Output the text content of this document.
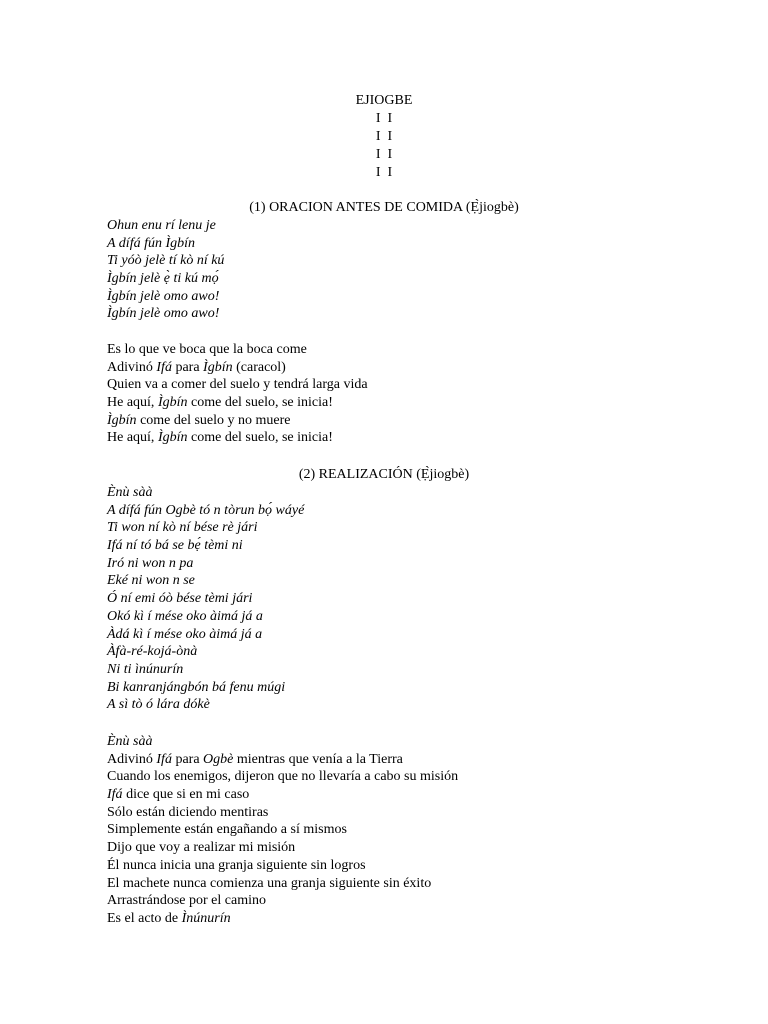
EJIOGBE
I  I
I  I
I  I
I  I
(1) ORACION ANTES DE COMIDA (Ẹ̀jiogbè)
Ohun enu rí lenu je
A dífá fún Ìgbín
Ti yóò jelè tí kò ní kú
Ìgbín jelè ẹ̀ ti kú mọ́
Ìgbín jelè omo awo!
Ìgbín jelè omo awo!
Es lo que ve boca que la boca come
Adivinó Ifá para Ìgbín (caracol)
Quien va a comer del suelo y tendrá larga vida
He aquí, Ìgbín come del suelo, se inicia!
Ìgbín come del suelo y no muere
He aquí, Ìgbín come del suelo, se inicia!
(2) REALIZACIÓN (Ẹ̀jiogbè)
Ènù sàà
A dífá fún Ogbè tó n tòrun bọ́ wáyé
Ti won ní kò ní bése rè jári
Ifá ní tó bá se bẹ́ tèmi ni
Iró ni won n pa
Eké ni won n se
Ó ní emi óò bése tèmi jári
Okó kì í mése oko àimá já a
Àdá kì í mése oko àimá já a
Àfà-ré-kojá-ònà
Ni ti ìnúnurín
Bi kanranjángbón bá fenu múgi
A sì tò ó lára dókè
Ènù sàà
Adivinó Ifá para Ogbè mientras que venía a la Tierra
Cuando los enemigos, dijeron que no llevaría a cabo su misión
Ifá dice que si en mi caso
Sólo están diciendo mentiras
Simplemente están engañando a sí mismos
Dijo que voy a realizar mi misión
Él nunca inicia una granja siguiente sin logros
El machete nunca comienza una granja siguiente sin éxito
Arrastrándose por el camino
Es el acto de Ìnúnurín
